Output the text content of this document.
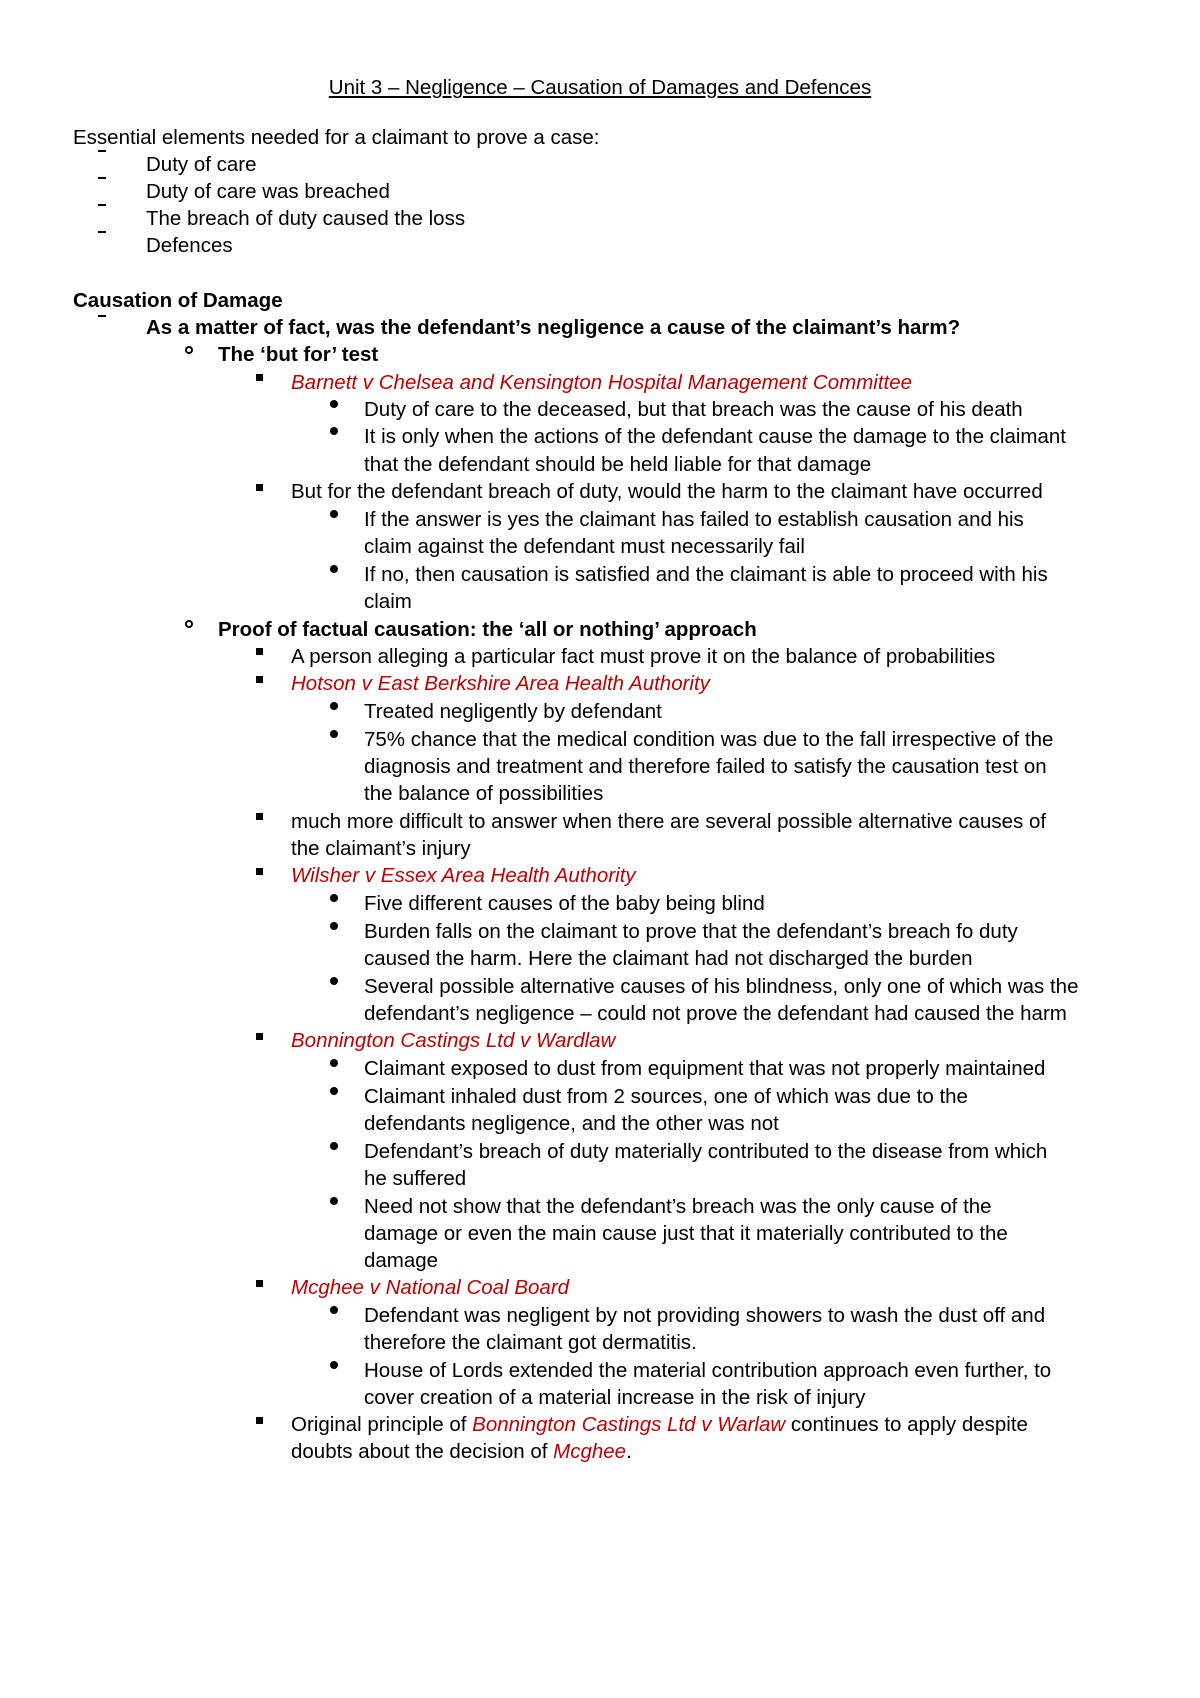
Unit 3 – Negligence – Causation of Damages and Defences
Essential elements needed for a claimant to prove a case:
Duty of care
Duty of care was breached
The breach of duty caused the loss
Defences
Causation of Damage
As a matter of fact, was the defendant’s negligence a cause of the claimant’s harm?
The ‘but for’ test
Barnett v Chelsea and Kensington Hospital Management Committee
Duty of care to the deceased, but that breach was the cause of his death
It is only when the actions of the defendant cause the damage to the claimant
that the defendant should be held liable for that damage
But for the defendant breach of duty, would the harm to the claimant have occurred
If the answer is yes the claimant has failed to establish causation and his
claim against the defendant must necessarily fail
If no, then causation is satisfied and the claimant is able to proceed with his
claim
Proof of factual causation: the ‘all or nothing’ approach
A person alleging a particular fact must prove it on the balance of probabilities
Hotson v East Berkshire Area Health Authority
Treated negligently by defendant
75% chance that the medical condition was due to the fall irrespective of the
diagnosis and treatment and therefore failed to satisfy the causation test on
the balance of possibilities
much more difficult to answer when there are several possible alternative causes of
the claimant’s injury
Wilsher v Essex Area Health Authority
Five different causes of the baby being blind
Burden falls on the claimant to prove that the defendant’s breach fo duty
caused the harm. Here the claimant had not discharged the burden
Several possible alternative causes of his blindness, only one of which was the
defendant’s negligence – could not prove the defendant had caused the harm
Bonnington Castings Ltd v Wardlaw
Claimant exposed to dust from equipment that was not properly maintained
Claimant inhaled dust from 2 sources, one of which was due to the
defendants negligence, and the other was not
Defendant’s breach of duty materially contributed to the disease from which
he suffered
Need not show that the defendant’s breach was the only cause of the
damage or even the main cause just that it materially contributed to the
damage
Mcghee v National Coal Board
Defendant was negligent by not providing showers to wash the dust off and
therefore the claimant got dermatitis.
House of Lords extended the material contribution approach even further, to
cover creation of a material increase in the risk of injury
Original principle of Bonnington Castings Ltd v Warlaw continues to apply despite
doubts about the decision of Mcghee.
